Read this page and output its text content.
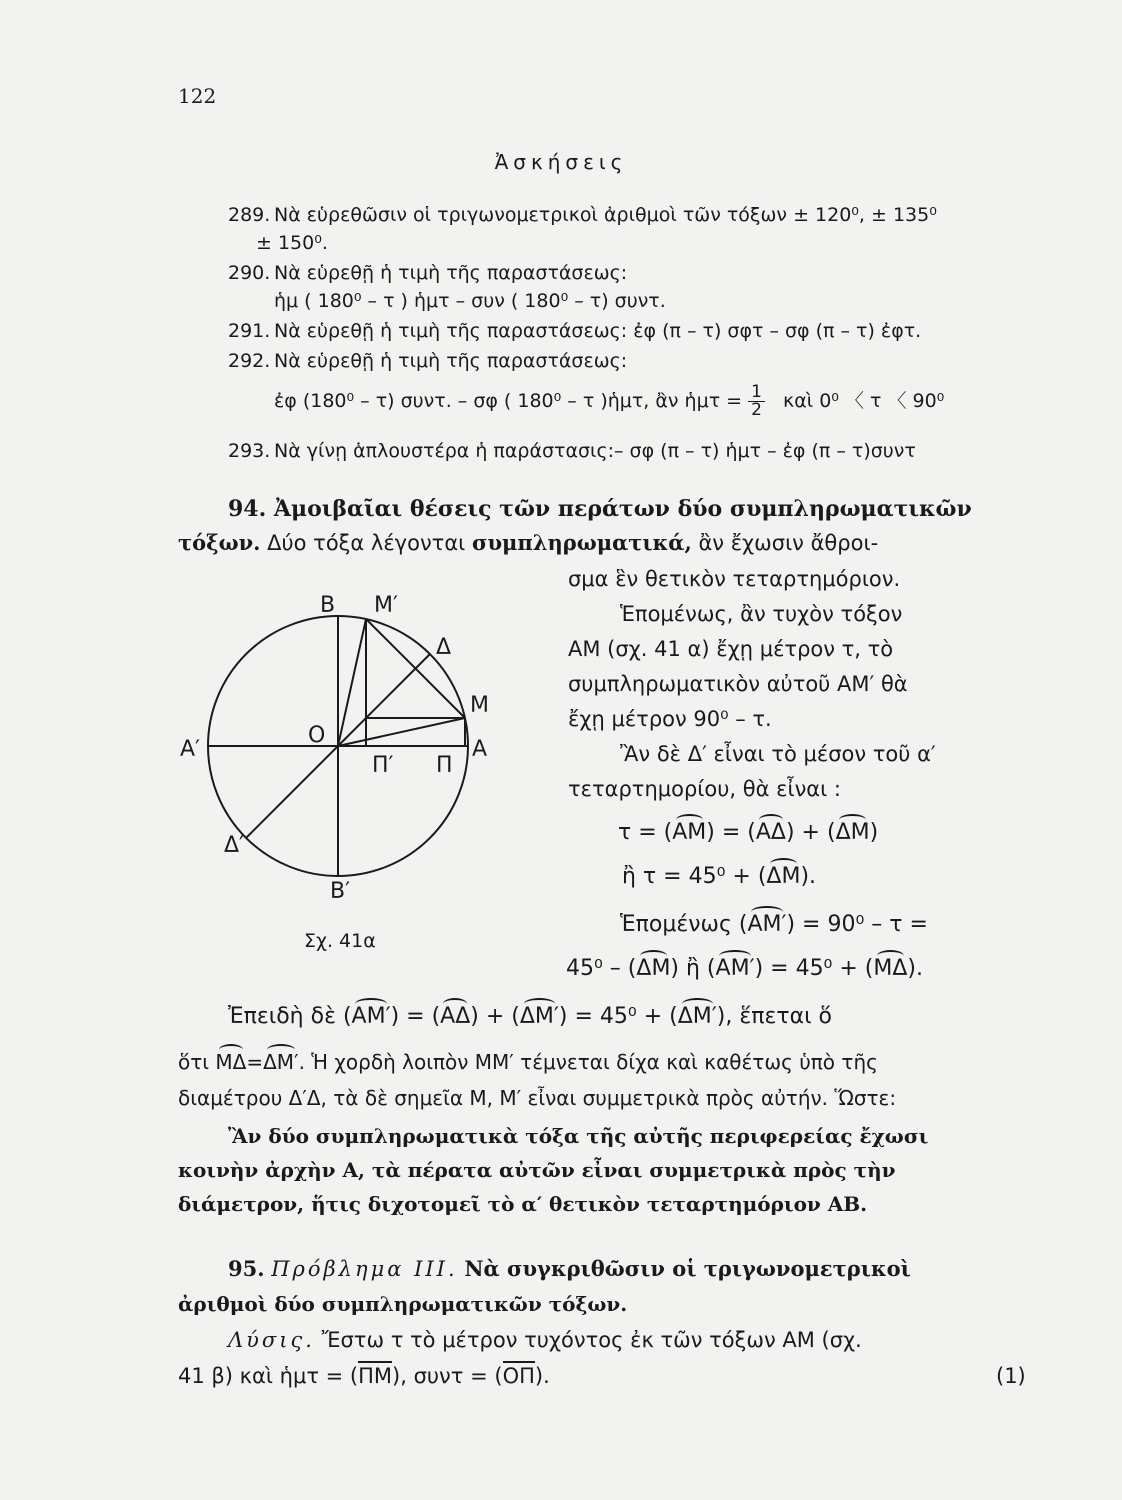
122
Ἀσκήσεις
289. Νὰ εὑρεθῶσιν οἱ τριγωνομετρικοὶ ἀριθμοὶ τῶν τόξων ± 120⁰, ± 135⁰
± 150⁰.
290. Νὰ εὑρεθῇ ἡ τιμὴ τῆς παραστάσεως:
ἡμ ( 180⁰ – τ ) ἡμτ – συν ( 180⁰ – τ) συντ.
291. Νὰ εὑρεθῇ ἡ τιμὴ τῆς παραστάσεως: ἐφ (π – τ) σφτ – σφ (π – τ) ἐφτ.
292. Νὰ εὑρεθῇ ἡ τιμὴ τῆς παραστάσεως:
ἐφ (180⁰ – τ) συντ. – σφ ( 180⁰ – τ )ἡμτ, ἂν ἡμτ = $\frac{1}{2}$ καὶ 0⁰ 〈 τ 〈 90⁰
293. Νὰ γίνῃ ἁπλουστέρα ἡ παράστασις:– σφ (π – τ) ἡμτ – ἐφ (π – τ)συντ
94. Ἀμοιβαῖαι θέσεις τῶν περάτων δύο συμπληρωματικῶν
τόξων. Δύο τόξα λέγονται συμπληρωματικά, ἂν ἔχωσιν ἄθροι-
σμα ἓν θετικὸν τεταρτημόριον.
Ἑπομένως, ἂν τυχὸν τόξον
ΑΜ (σχ. 41 α) ἔχῃ μέτρον τ, τὸ
συμπληρωματικὸν αὐτοῦ ΑΜ′ θὰ
ἔχῃ μέτρον 90⁰ – τ.
Ἂν δὲ Δ′ εἶναι τὸ μέσον τοῦ α′
τεταρτημορίου, θὰ εἶναι :
τ = (ΑΜ) = (ΑΔ) + (ΔΜ)
ἢ τ = 45⁰ + (ΔΜ).
Ἑπομένως (ΑΜ′) = 90⁰ – τ =
45⁰ – (ΔΜ) ἢ (ΑΜ′) = 45⁰ + (ΜΔ).
Ἐπειδὴ δὲ (ΑΜ′) = (ΑΔ) + (ΔΜ′) = 45⁰ + (ΔΜ′), ἕπεται ὅ
ὅτι ΜΔ=ΔΜ′. Ἡ χορδὴ λοιπὸν ΜΜ′ τέμνεται δίχα καὶ καθέτως ὑπὸ τῆς
διαμέτρου Δ′Δ, τὰ δὲ σημεῖα Μ, Μ′ εἶναι συμμετρικὰ πρὸς αὐτήν. Ὥστε:
Ἂν δύο συμπληρωματικὰ τόξα τῆς αὐτῆς περιφερείας ἔχωσι
κοινὴν ἀρχὴν Α, τὰ πέρατα αὐτῶν εἶναι συμμετρικὰ πρὸς τὴν
διάμετρον, ἥτις διχοτομεῖ τὸ α′ θετικὸν τεταρτημόριον ΑΒ.
95. Πρόβλημα ΙΙΙ. Νὰ συγκριθῶσιν οἱ τριγωνομετρικοὶ
ἀριθμοὶ δύο συμπληρωματικῶν τόξων.
Λύσις. Ἔστω τ τὸ μέτρον τυχόντος ἐκ τῶν τόξων ΑΜ (σχ.
41 β) καὶ ἡμτ = (ΠΜ), συντ = (ΟΠ).	(1)
Β Μ′
Δ
Μ
Ο
Α′	Α
Π′ Π
Δ′
Β′
Σχ. 41α
